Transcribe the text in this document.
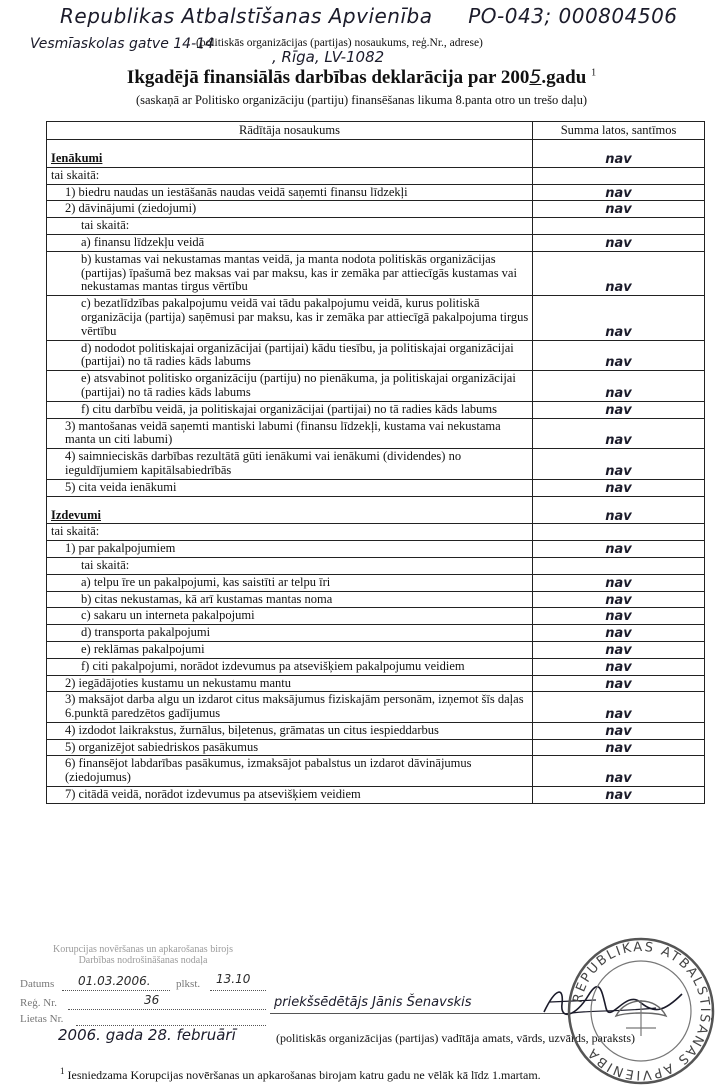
Republikas Atbalstīšanas Apvienība PO-043; 000804506
Vesmīaskolas gatve 14-14
(politiskās organizācijas (partijas) nosaukums, reģ.Nr., adrese)
, Rīga, LV-1082
Ikgadējā finansiālās darbības deklarācija par 2005.gadu $^1$
(saskaņā ar Politisko organizāciju (partiju) finansēšanas likuma 8.panta otro un trešo daļu)
Rādītāja nosaukums	Summa latos, santīmos
Ienākumi	nav
tai skaitā:	
1) biedru naudas un iestāšanās naudas veidā saņemti finansu līdzekļi	nav
2) dāvinājumi (ziedojumi)	nav
tai skaitā:	
a) finansu līdzekļu veidā	nav
b) kustamas vai nekustamas mantas veidā, ja manta nodota politiskās organizācijas (partijas) īpašumā bez maksas vai par maksu, kas ir zemāka par attiecīgās kustamas vai nekustamas mantas tirgus vērtību	nav
c) bezatlīdzības pakalpojumu veidā vai tādu pakalpojumu veidā, kurus politiskā organizācija (partija) saņēmusi par maksu, kas ir zemāka par attiecīgā pakalpojuma tirgus vērtību	nav
d) nododot politiskajai organizācijai (partijai) kādu tiesību, ja politiskajai organizācijai (partijai) no tā radies kāds labums	nav
e) atsvabinot politisko organizāciju (partiju) no pienākuma, ja politiskajai organizācijai (partijai) no tā radies kāds labums	nav
f) citu darbību veidā, ja politiskajai organizācijai (partijai) no tā radies kāds labums	nav
3) mantošanas veidā saņemti mantiski labumi (finansu līdzekļi, kustama vai nekustama manta un citi labumi)	nav
4) saimnieciskās darbības rezultātā gūti ienākumi vai ienākumi (dividendes) no ieguldījumiem kapitālsabiedrībās	nav
5) cita veida ienākumi	nav
Izdevumi	nav
tai skaitā:	
1) par pakalpojumiem	nav
tai skaitā:	
a) telpu īre un pakalpojumi, kas saistīti ar telpu īri	nav
b) citas nekustamas, kā arī kustamas mantas noma	nav
c) sakaru un interneta pakalpojumi	nav
d) transporta pakalpojumi	nav
e) reklāmas pakalpojumi	nav
f) citi pakalpojumi, norādot izdevumus pa atsevišķiem pakalpojumu veidiem	nav
2) iegādājoties kustamu un nekustamu mantu	nav
3) maksājot darba algu un izdarot citus maksājumus fiziskajām personām, izņemot šīs daļas 6.punktā paredzētos gadījumus	nav
4) izdodot laikrakstus, žurnālus, biļetenus, grāmatas un citus iespieddarbus	nav
5) organizējot sabiedriskos pasākumus	nav
6) finansējot labdarības pasākumus, izmaksājot pabalstus un izdarot dāvinājumus (ziedojumus)	nav
7) citādā veidā, norādot izdevumus pa atsevišķiem veidiem	nav
Korupcijas novēršanas un apkarošanas birojs
Darbības nodrošināšanas nodaļa
Datums 01.03.2006. plkst. 13.10
Reģ. Nr.	36
Lietas Nr.
priekšsēdētājs Jānis Šenavskis
2006. gada 28. februārī	(politiskās organizācijas (partijas) vadītāja amats, vārds, uzvārds, paraksts)
REPUBLIKAS ATBALSTĪŠANAS APVIENĪBA
$^1$ Iesniedzama Korupcijas novēršanas un apkarošanas birojam katru gadu ne vēlāk kā līdz 1.martam.
